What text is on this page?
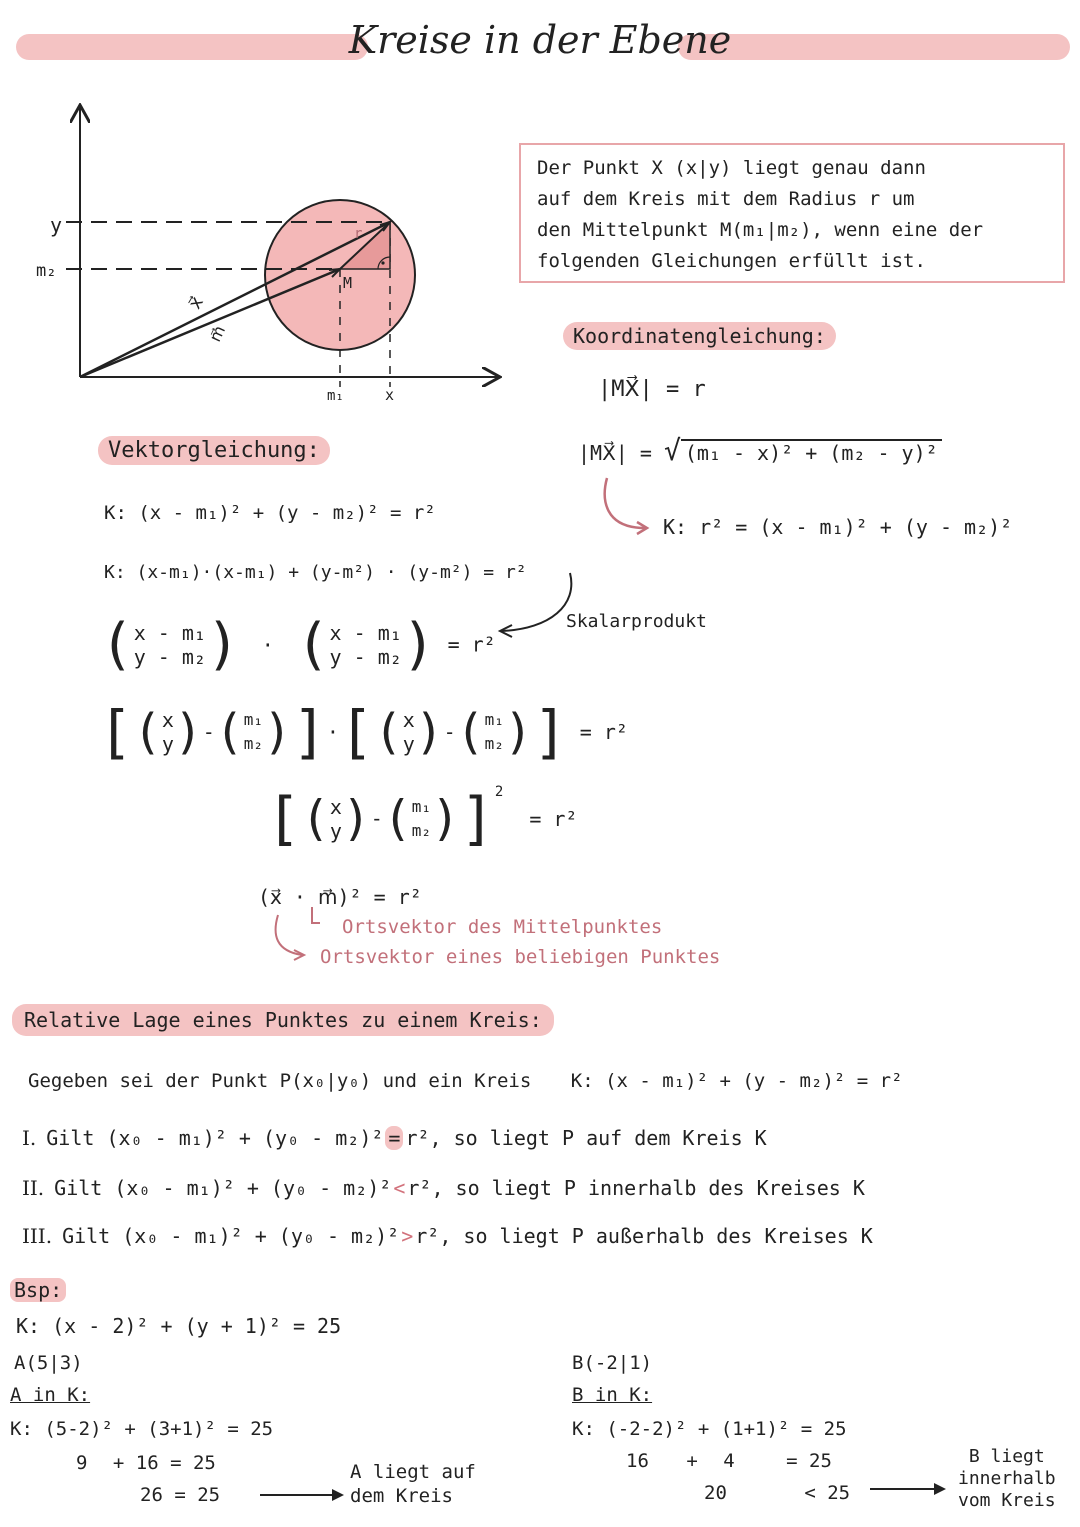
Kreise in der Ebene
y
m₂
m₁	x
x⃗
m⃗
M
r
Der Punkt X (x|y) liegt genau dann
auf dem Kreis mit dem Radius r um
den Mittelpunkt M(m₁|m₂), wenn eine der
folgenden Gleichungen erfüllt ist.
Koordinatengleichung:
|MX⃗| = r
|MX⃗| = √ (m₁ - x)² + (m₂ - y)²
K: r² = (x - m₁)² + (y - m₂)²
Vektorgleichung:
K: (x - m₁)² + (y - m₂)² = r²
K: (x-m₁)·(x-m₁) + (y-m²) · (y-m²) = r²
Skalarprodukt
(x - m₁
y - m₂) · (x - m₁
y - m₂) = r²
[(x
y)-(m₁
m₂)]·[(x
y)-(m₁
m₂)] = r²
[(x
y)-(m₁
m₂)]$^2$ = r²
(x⃗ · m⃗)² = r²
Ortsvektor des Mittelpunktes
Ortsvektor eines beliebigen Punktes
Relative Lage eines Punktes zu einem Kreis:
Gegeben sei der Punkt P(x₀|y₀) und ein Kreis K: (x - m₁)² + (y - m₂)² = r²
I. Gilt (x₀ - m₁)² + (y₀ - m₂)² = r², so liegt P auf dem Kreis K
II. Gilt (x₀ - m₁)² + (y₀ - m₂)² < r², so liegt P innerhalb des Kreises K
III. Gilt (x₀ - m₁)² + (y₀ - m₂)² > r², so liegt P außerhalb des Kreises K
Bsp:
K: (x - 2)² + (y + 1)² = 25
A(5|3)
A in K:
K: (5-2)² + (3+1)² = 25
9 + 16 = 25
26 = 25
A liegt auf
dem Kreis
B(-2|1)
B in K:
K: (-2-2)² + (1+1)² = 25
16 + 4	= 25
20	< 25
B liegt
innerhalb
vom Kreis
